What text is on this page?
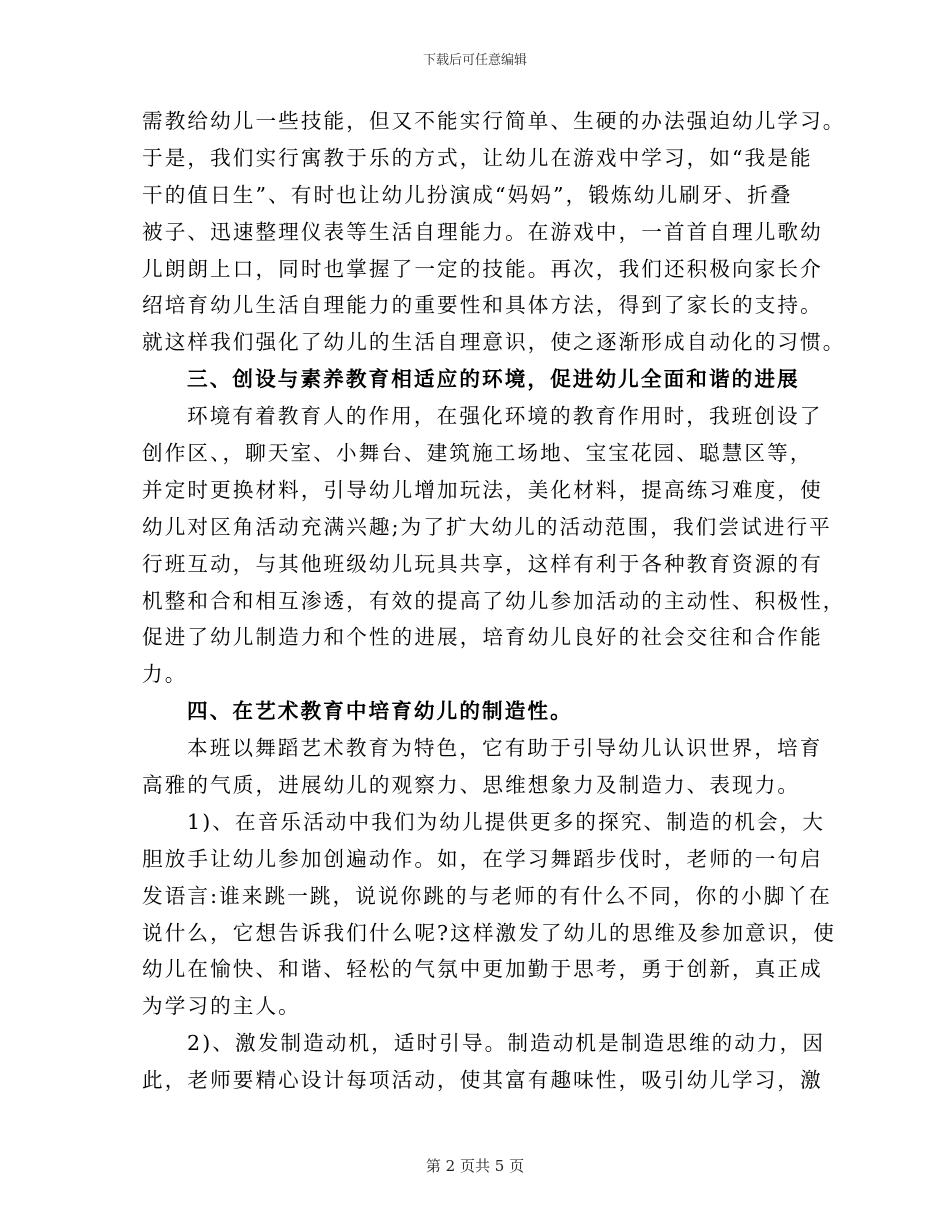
下载后可任意编辑
需教给幼儿一些技能，但又不能实行简单、生硬的办法强迫幼儿学习。
于是，我们实行寓教于乐的方式，让幼儿在游戏中学习，如“我是能
干的值日生”、有时也让幼儿扮演成“妈妈”，锻炼幼儿刷牙、折叠
被子、迅速整理仪表等生活自理能力。在游戏中，一首首自理儿歌幼
儿朗朗上口，同时也掌握了一定的技能。再次，我们还积极向家长介
绍培育幼儿生活自理能力的重要性和具体方法，得到了家长的支持。
就这样我们强化了幼儿的生活自理意识，使之逐渐形成自动化的习惯。
三、创设与素养教育相适应的环境，促进幼儿全面和谐的进展
环境有着教育人的作用，在强化环境的教育作用时，我班创设了
创作区、，聊天室、小舞台、建筑施工场地、宝宝花园、聪慧区等，
并定时更换材料，引导幼儿增加玩法，美化材料，提高练习难度，使
幼儿对区角活动充满兴趣;为了扩大幼儿的活动范围，我们尝试进行平
行班互动，与其他班级幼儿玩具共享，这样有利于各种教育资源的有
机整和合和相互渗透，有效的提高了幼儿参加活动的主动性、积极性，
促进了幼儿制造力和个性的进展，培育幼儿良好的社会交往和合作能
力。
四、在艺术教育中培育幼儿的制造性。
本班以舞蹈艺术教育为特色，它有助于引导幼儿认识世界，培育
高雅的气质，进展幼儿的观察力、思维想象力及制造力、表现力。
1)、在音乐活动中我们为幼儿提供更多的探究、制造的机会，大
胆放手让幼儿参加创遍动作。如，在学习舞蹈步伐时，老师的一句启
发语言:谁来跳一跳，说说你跳的与老师的有什么不同，你的小脚丫在
说什么，它想告诉我们什么呢?这样激发了幼儿的思维及参加意识，使
幼儿在愉快、和谐、轻松的气氛中更加勤于思考，勇于创新，真正成
为学习的主人。
2)、激发制造动机，适时引导。制造动机是制造思维的动力，因
此，老师要精心设计每项活动，使其富有趣味性，吸引幼儿学习，激
第 2 页共 5 页
